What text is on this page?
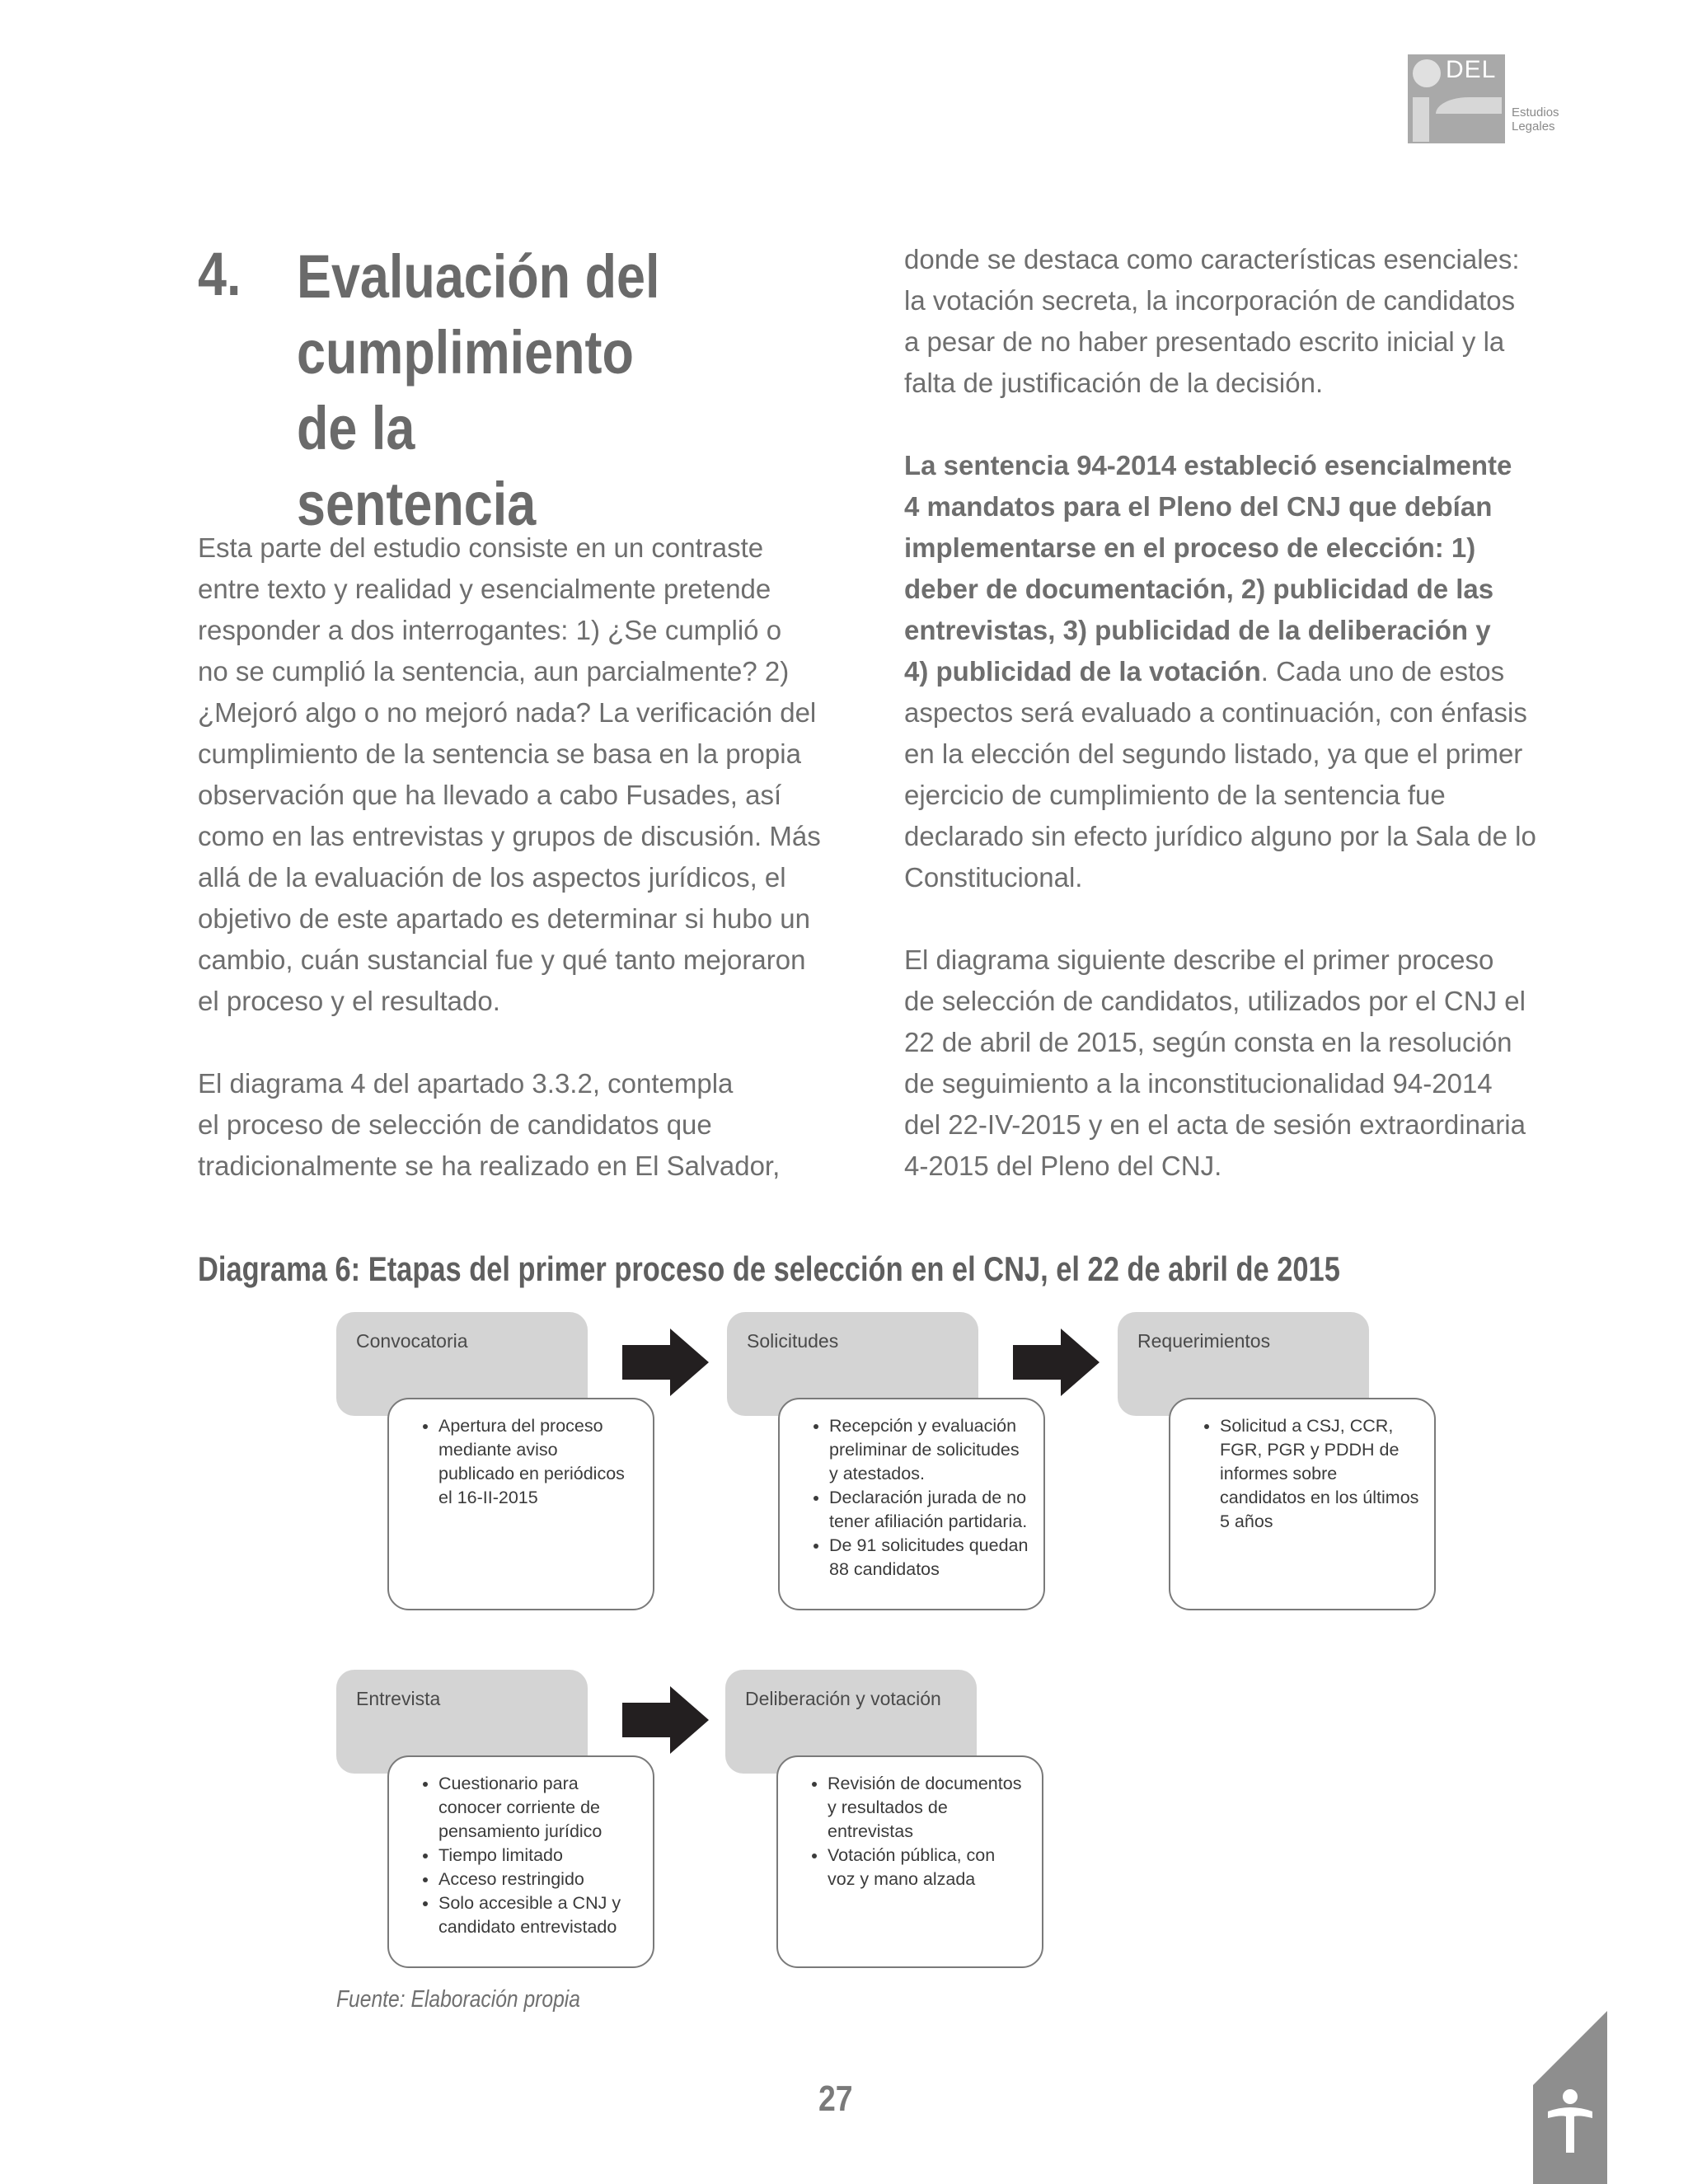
DEL
Estudios
Legales
4. Evaluación del cumplimiento de la sentencia

Esta parte del estudio consiste en un contraste
entre texto y realidad y esencialmente pretende
responder a dos interrogantes: 1) ¿Se cumplió o
no se cumplió la sentencia, aun parcialmente? 2)
¿Mejoró algo o no mejoró nada? La verificación del
cumplimiento de la sentencia se basa en la propia
observación que ha llevado a cabo Fusades, así
como en las entrevistas y grupos de discusión. Más
allá de la evaluación de los aspectos jurídicos, el
objetivo de este apartado es determinar si hubo un
cambio, cuán sustancial fue y qué tanto mejoraron
el proceso y el resultado.

El diagrama 4 del apartado 3.3.2, contempla
el proceso de selección de candidatos que
tradicionalmente se ha realizado en El Salvador,

donde se destaca como características esenciales:
la votación secreta, la incorporación de candidatos
a pesar de no haber presentado escrito inicial y la
falta de justificación de la decisión.

La sentencia 94-2014 estableció esencialmente
4 mandatos para el Pleno del CNJ que debían
implementarse en el proceso de elección: 1)
deber de documentación, 2) publicidad de las
entrevistas, 3) publicidad de la deliberación y
4) publicidad de la votación. Cada uno de estos
aspectos será evaluado a continuación, con énfasis
en la elección del segundo listado, ya que el primer
ejercicio de cumplimiento de la sentencia fue
declarado sin efecto jurídico alguno por la Sala de lo
Constitucional.

El diagrama siguiente describe el primer proceso
de selección de candidatos, utilizados por el CNJ el
22 de abril de 2015, según consta en la resolución
de seguimiento a la inconstitucionalidad 94-2014
del 22-IV-2015 y en el acta de sesión extraordinaria
4-2015 del Pleno del CNJ.

Diagrama 6: Etapas del primer proceso de selección en el CNJ, el 22 de abril de 2015
Convocatoria
• Apertura del proceso mediante aviso publicado en periódicos el 16-II-2015
Solicitudes
• Recepción y evaluación preliminar de solicitudes y atestados.
• Declaración jurada de no tener afiliación partidaria.
• De 91 solicitudes quedan 88 candidatos
Requerimientos
• Solicitud a CSJ, CCR, FGR, PGR y PDDH de informes sobre candidatos en los últimos 5 años
Entrevista
• Cuestionario para conocer corriente de pensamiento jurídico
• Tiempo limitado
• Acceso restringido
• Solo accesible a CNJ y candidato entrevistado
Deliberación y votación
• Revisión de documentos y resultados de entrevistas
• Votación pública, con voz y mano alzada
Fuente: Elaboración propia
27
